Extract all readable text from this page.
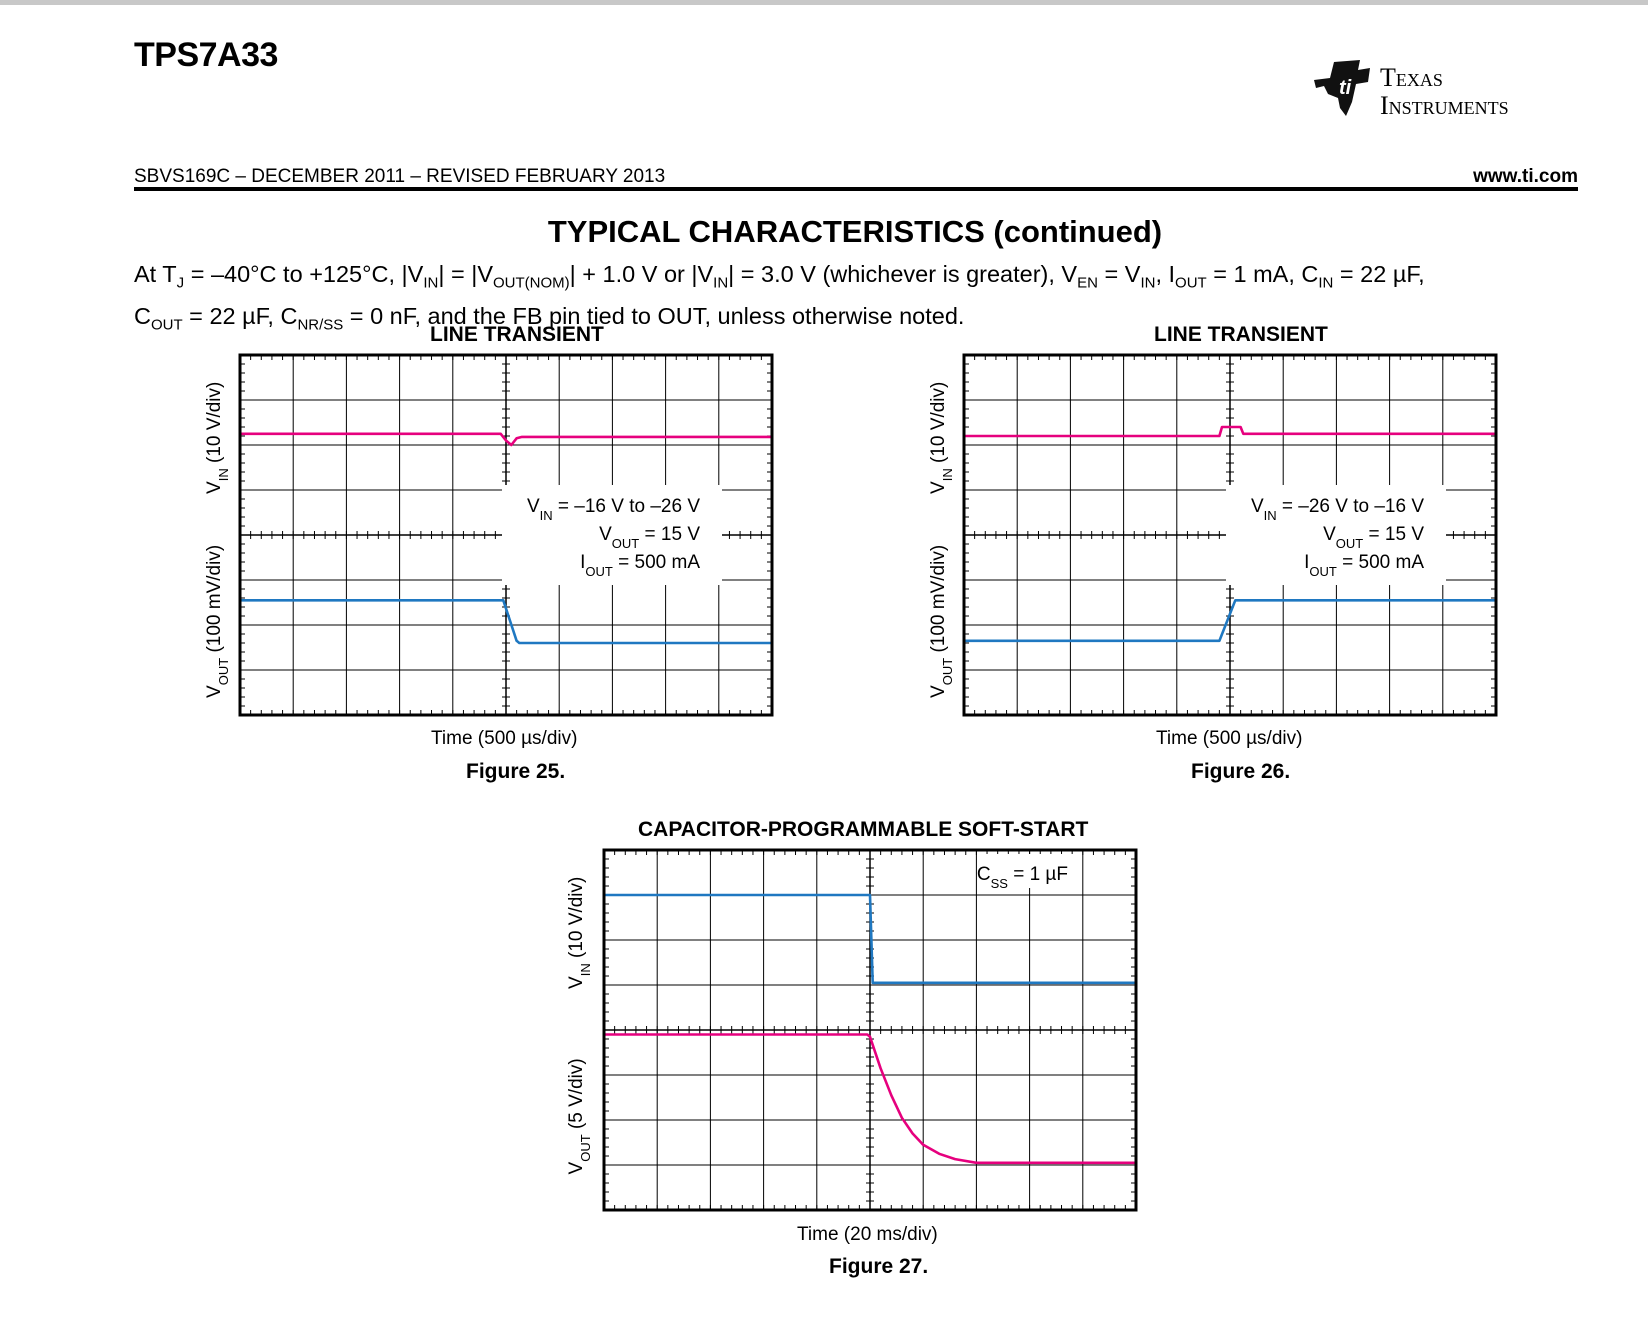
TPS7A33
ti Texas
Instruments
SBVS169C – DECEMBER 2011 – REVISED FEBRUARY 2013	www.ti.com
TYPICAL CHARACTERISTICS (continued)
At $T_J = -40^\circ C$ to +125°C, $|V_{IN}| = |V_{OUT(NOM)}| + 1.0$ V or $|V_{IN}| = 3.0$ V (whichever is greater), $V_{EN} = V_{IN}$, $I_{OUT} = 1$ mA, $C_{IN} = 22$ µF,
$C_{OUT} = 22$ µF, $C_{NR/SS} = 0$ nF, and the FB pin tied to OUT, unless otherwise noted.
LINE TRANSIENT
$V_{IN} = -16$ V to –26 V
$V_{OUT} = 15$ V
$I_{OUT} = 500$ mA
$V_{IN}$ (10 V/div)
$V_{OUT}$ (100 mV/div)
Time (500 µs/div)
Figure 25.
LINE TRANSIENT
$V_{IN} = -26$ V to –16 V
$V_{OUT} = 15$ V
$I_{OUT} = 500$ mA
$V_{IN}$ (10 V/div)
$V_{OUT}$ (100 mV/div)
Time (500 µs/div)
Figure 26.
CAPACITOR-PROGRAMMABLE SOFT-START
$C_{SS} = 1$ µF
$V_{IN}$ (10 V/div)
$V_{OUT}$ (5 V/div)
Time (20 ms/div)
Figure 27.
